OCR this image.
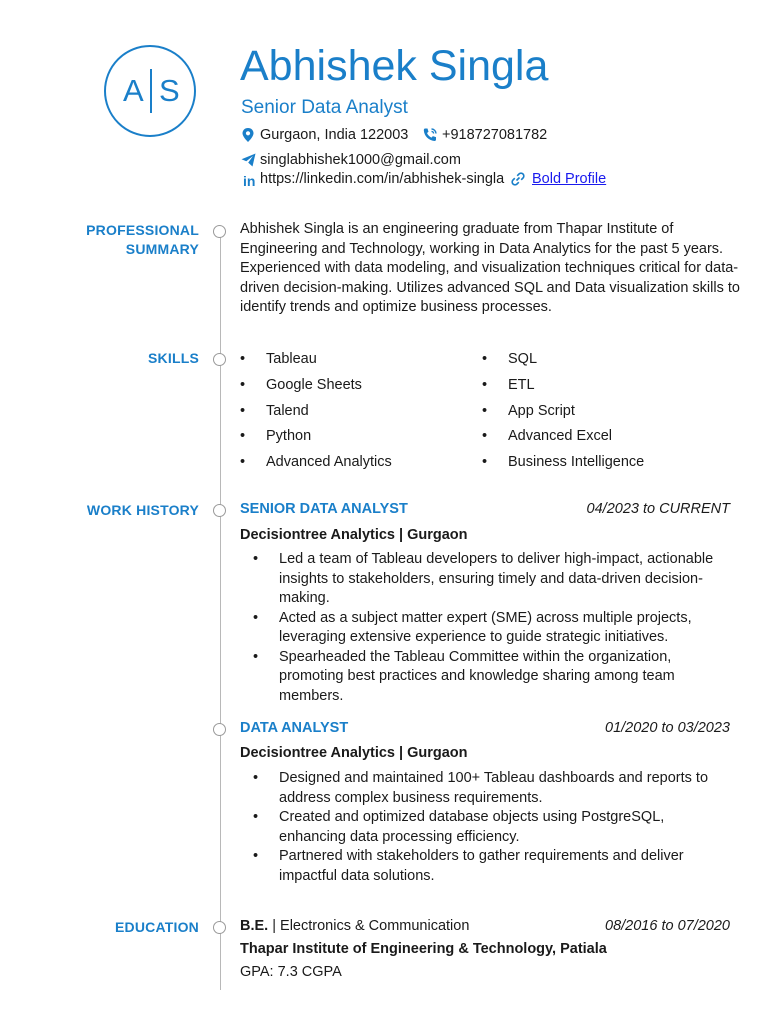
A S
Abhishek Singla
Senior Data Analyst
Gurgaon, India 122003 +918727081782
singlabhishek1000@gmail.com
in https://linkedin.com/in/abhishek-singla Bold Profile
PROFESSIONAL
SUMMARY
SKILLS
WORK HISTORY
EDUCATION
Abhishek Singla is an engineering graduate from Thapar Institute of Engineering and Technology, working in Data Analytics for the past 5 years. Experienced with data modeling, and visualization techniques critical for data-driven decision-making. Utilizes advanced SQL and Data visualization skills to identify trends and optimize business processes.
• Tableau
• Google Sheets
• Talend
• Python
• Advanced Analytics
• SQL
• ETL
• App Script
• Advanced Excel
• Business Intelligence
SENIOR DATA ANALYST	04/2023 to CURRENT
Decisiontree Analytics | Gurgaon
• Led a team of Tableau developers to deliver high-impact, actionable insights to stakeholders, ensuring timely and data-driven decision-making.
• Acted as a subject matter expert (SME) across multiple projects, leveraging extensive experience to guide strategic initiatives.
• Spearheaded the Tableau Committee within the organization, promoting best practices and knowledge sharing among team members.
DATA ANALYST	01/2020 to 03/2023
Decisiontree Analytics | Gurgaon
• Designed and maintained 100+ Tableau dashboards and reports to address complex business requirements.
• Created and optimized database objects using PostgreSQL, enhancing data processing efficiency.
• Partnered with stakeholders to gather requirements and deliver impactful data solutions.
B.E. | Electronics & Communication	08/2016 to 07/2020
Thapar Institute of Engineering & Technology, Patiala
GPA: 7.3 CGPA
